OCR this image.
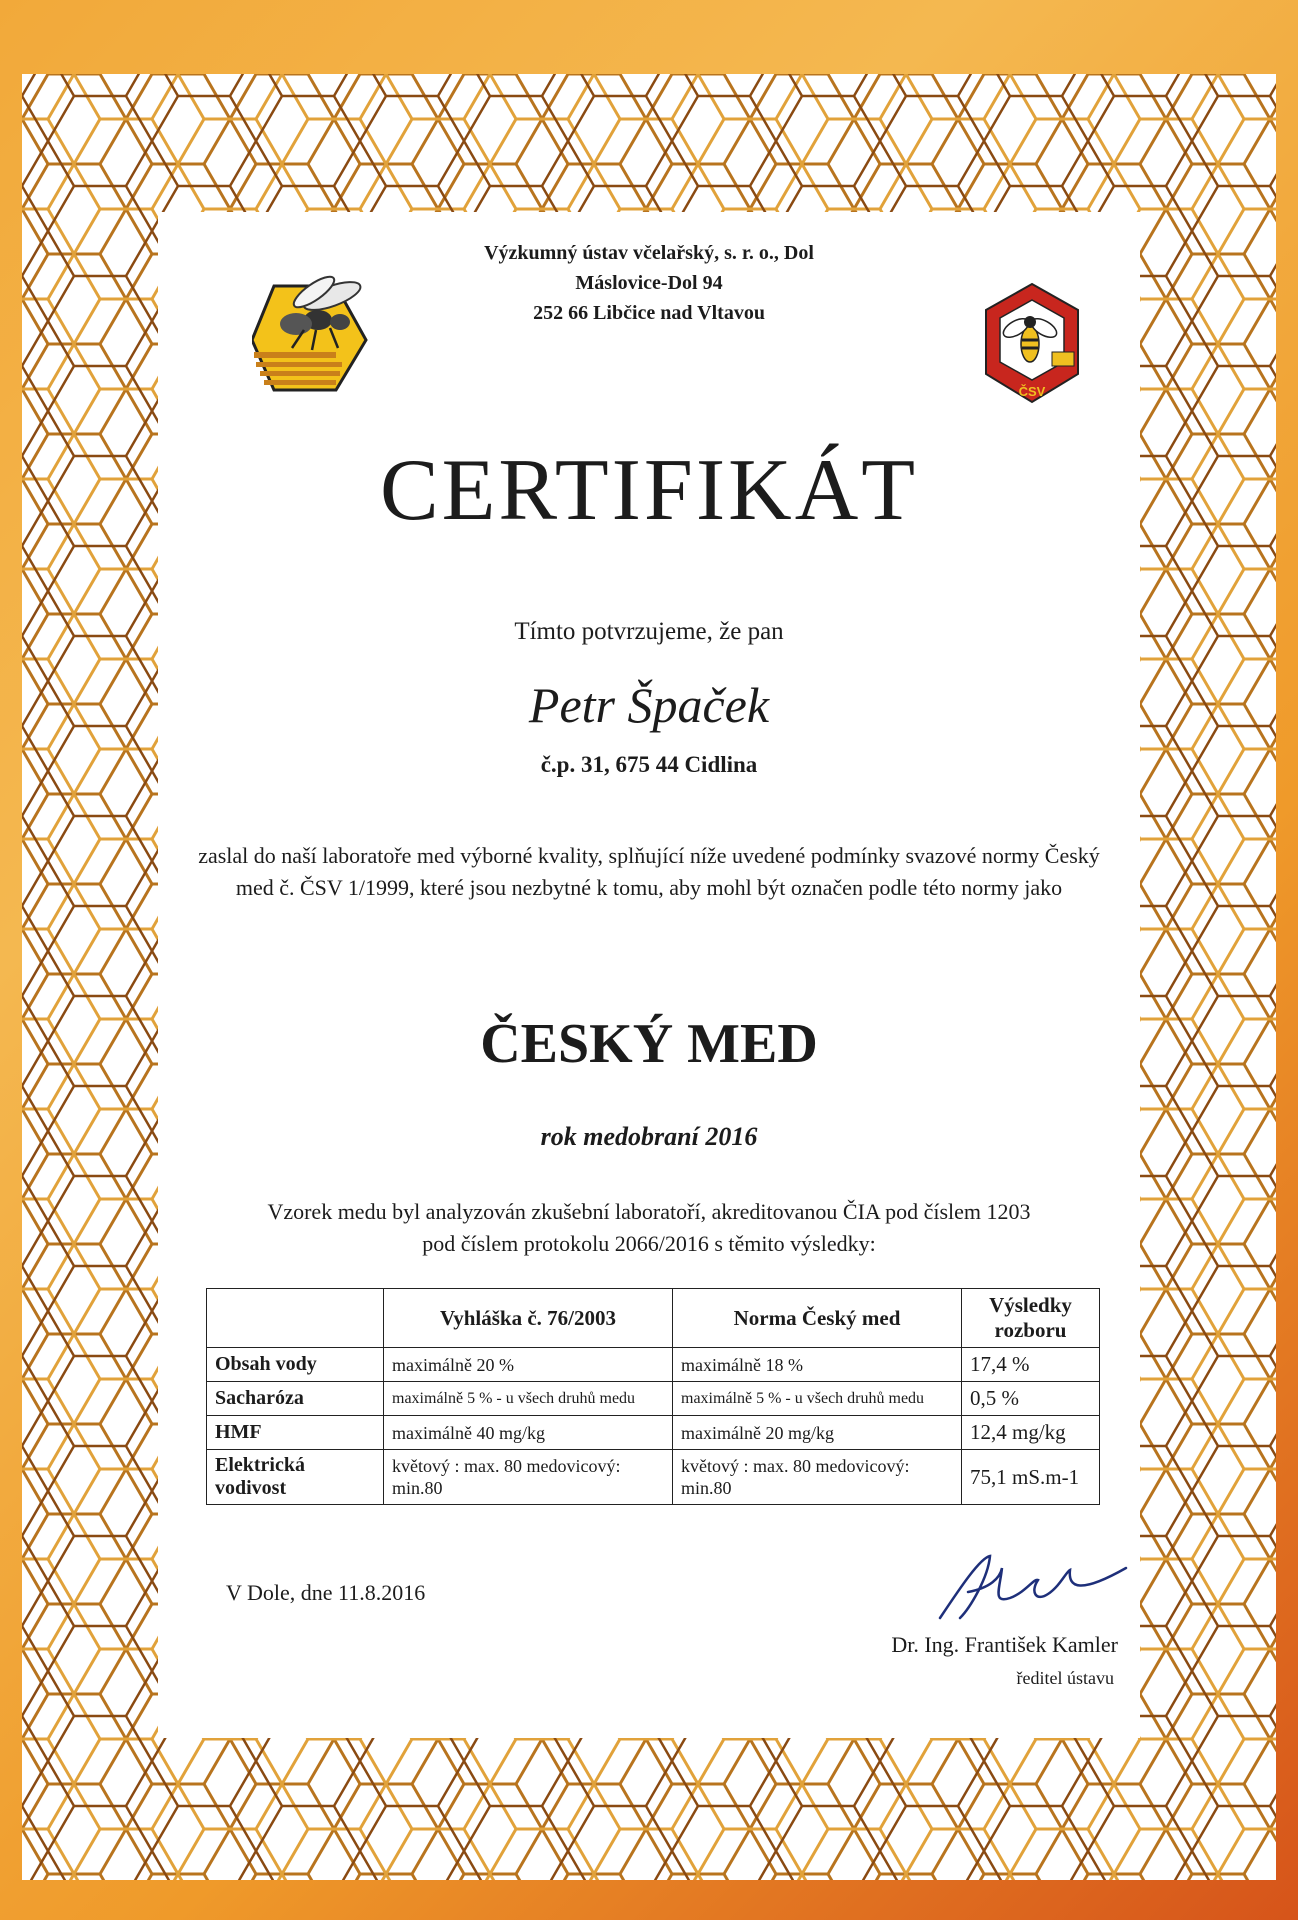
Výzkumný ústav včelařský, s. r. o., Dol
Máslovice-Dol 94
252 66 Libčice nad Vltavou
ČSV
CERTIFIKÁT
Tímto potvrzujeme, že pan
Petr Špaček
č.p. 31, 675 44 Cidlina
zaslal do naší laboratoře med výborné kvality, splňující níže uvedené podmínky svazové normy Český med č. ČSV 1/1999, které jsou nezbytné k tomu, aby mohl být označen podle této normy jako
ČESKÝ MED
rok medobraní 2016
Vzorek medu byl analyzován zkušební laboratoří, akreditovanou ČIA pod číslem 1203
pod číslem protokolu 2066/2016 s těmito výsledky:
	Vyhláška č. 76/2003	Norma Český med	Výsledky rozboru
Obsah vody	maximálně 20 %	maximálně 18 %	17,4 %
Sacharóza	maximálně 5 % - u všech druhů medu	maximálně 5 % - u všech druhů medu	0,5 %
HMF	maximálně 40 mg/kg	maximálně 20 mg/kg	12,4 mg/kg
Elektrická vodivost	květový : max. 80 medovicový: min.80	květový : max. 80 medovicový: min.80	75,1 mS.m-1
V Dole, dne 11.8.2016
Dr. Ing. František Kamler
ředitel ústavu
